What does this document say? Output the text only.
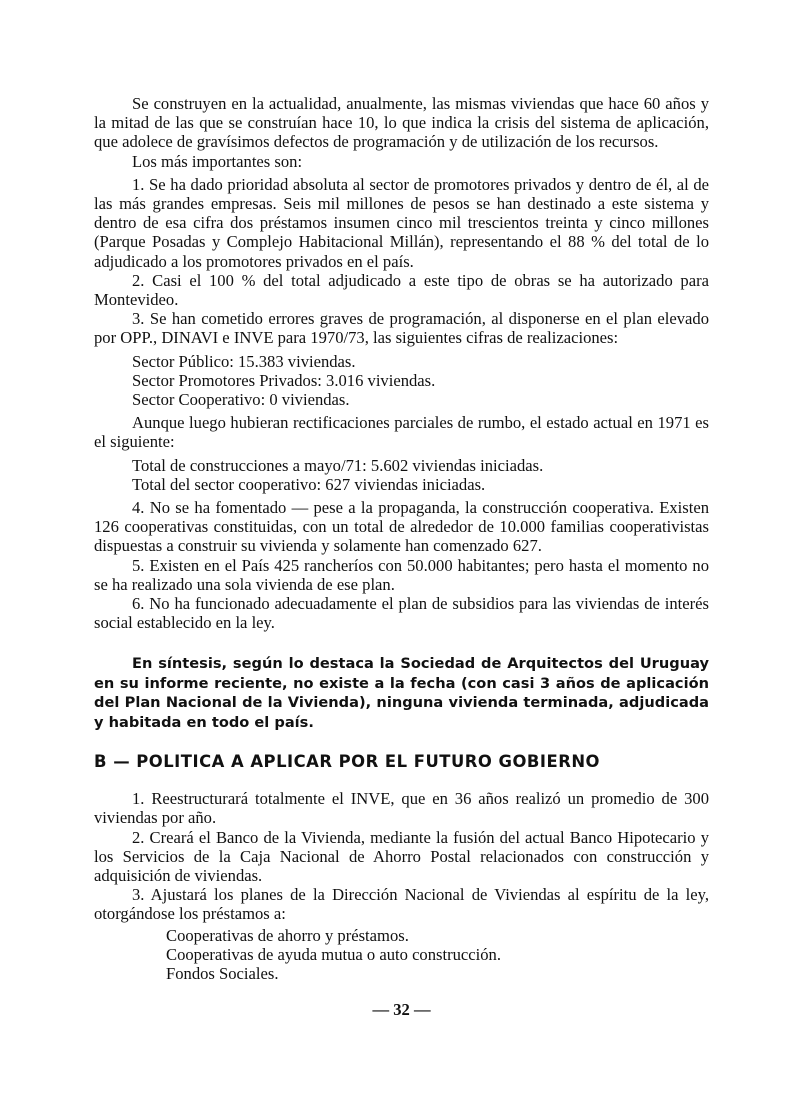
Se construyen en la actualidad, anualmente, las mismas viviendas que hace 60 años y la mitad de las que se construían hace 10, lo que indica la crisis del sistema de aplicación, que adolece de gravísimos defectos de programación y de utilización de los recursos.

Los más importantes son:

1. Se ha dado prioridad absoluta al sector de promotores privados y dentro de él, al de las más grandes empresas. Seis mil millones de pesos se han destinado a este sistema y dentro de esa cifra dos préstamos insumen cinco mil trescientos treinta y cinco millones (Parque Posadas y Complejo Habitacional Millán), representando el 88 % del total de lo adjudicado a los promotores privados en el país.

2. Casi el 100 % del total adjudicado a este tipo de obras se ha autorizado para Montevideo.

3. Se han cometido errores graves de programación, al disponerse en el plan elevado por OPP., DINAVI e INVE para 1970/73, las siguientes cifras de realizaciones:

Sector Público: 15.383 viviendas.
Sector Promotores Privados: 3.016 viviendas.
Sector Cooperativo: 0 viviendas.

Aunque luego hubieran rectificaciones parciales de rumbo, el estado actual en 1971 es el siguiente:

Total de construcciones a mayo/71: 5.602 viviendas iniciadas.
Total del sector cooperativo: 627 viviendas iniciadas.

4. No se ha fomentado — pese a la propaganda, la construcción cooperativa. Existen 126 cooperativas constituidas, con un total de alrededor de 10.000 familias cooperativistas dispuestas a construir su vivienda y solamente han comenzado 627.

5. Existen en el País 425 rancheríos con 50.000 habitantes; pero hasta el momento no se ha realizado una sola vivienda de ese plan.

6. No ha funcionado adecuadamente el plan de subsidios para las viviendas de interés social establecido en la ley.

En síntesis, según lo destaca la Sociedad de Arquitectos del Uruguay en su informe reciente, no existe a la fecha (con casi 3 años de aplicación del Plan Nacional de la Vivienda), ninguna vivienda terminada, adjudicada y habitada en todo el país.

B — POLITICA A APLICAR POR EL FUTURO GOBIERNO

1. Reestructurará totalmente el INVE, que en 36 años realizó un promedio de 300 viviendas por año.

2. Creará el Banco de la Vivienda, mediante la fusión del actual Banco Hipotecario y los Servicios de la Caja Nacional de Ahorro Postal relacionados con construcción y adquisición de viviendas.

3. Ajustará los planes de la Dirección Nacional de Viviendas al espíritu de la ley, otorgándose los préstamos a:

Cooperativas de ahorro y préstamos.
Cooperativas de ayuda mutua o auto construcción.
Fondos Sociales.
— 32 —
